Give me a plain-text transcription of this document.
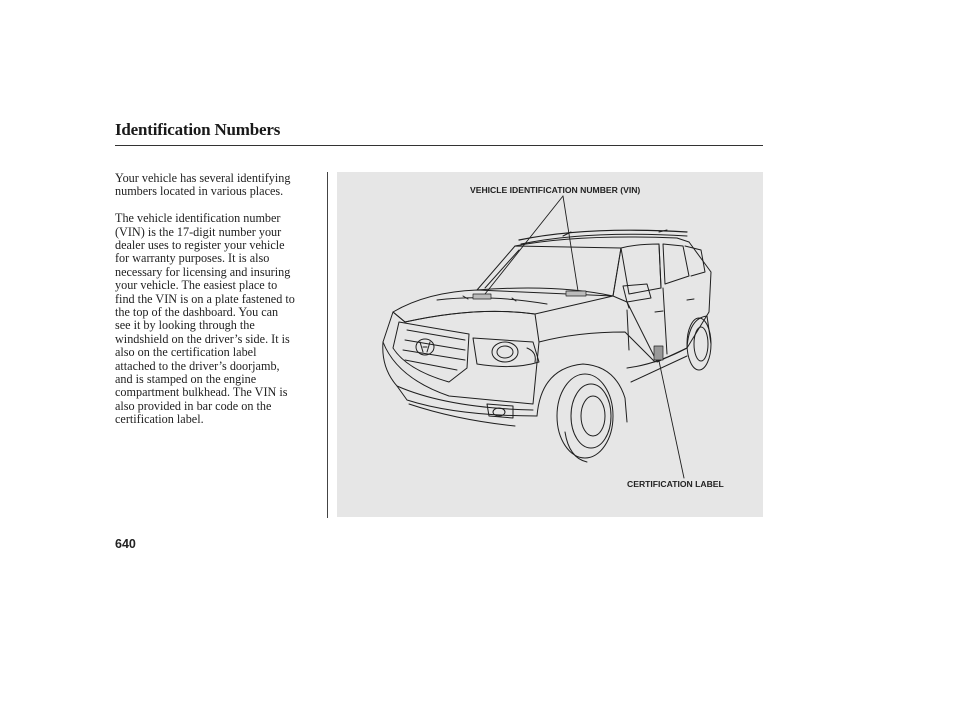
Identification Numbers

Your vehicle has several identifying
numbers located in various places.

The vehicle identification number
(VIN) is the 17-digit number your
dealer uses to register your vehicle
for warranty purposes. It is also
necessary for licensing and insuring
your vehicle. The easiest place to
find the VIN is on a plate fastened to
the top of the dashboard. You can
see it by looking through the
windshield on the driver’s side. It is
also on the certification label
attached to the driver’s doorjamb,
and is stamped on the engine
compartment bulkhead. The VIN is
also provided in bar code on the
certification label.

VEHICLE IDENTIFICATION NUMBER (VIN)
CERTIFICATION LABEL
640
